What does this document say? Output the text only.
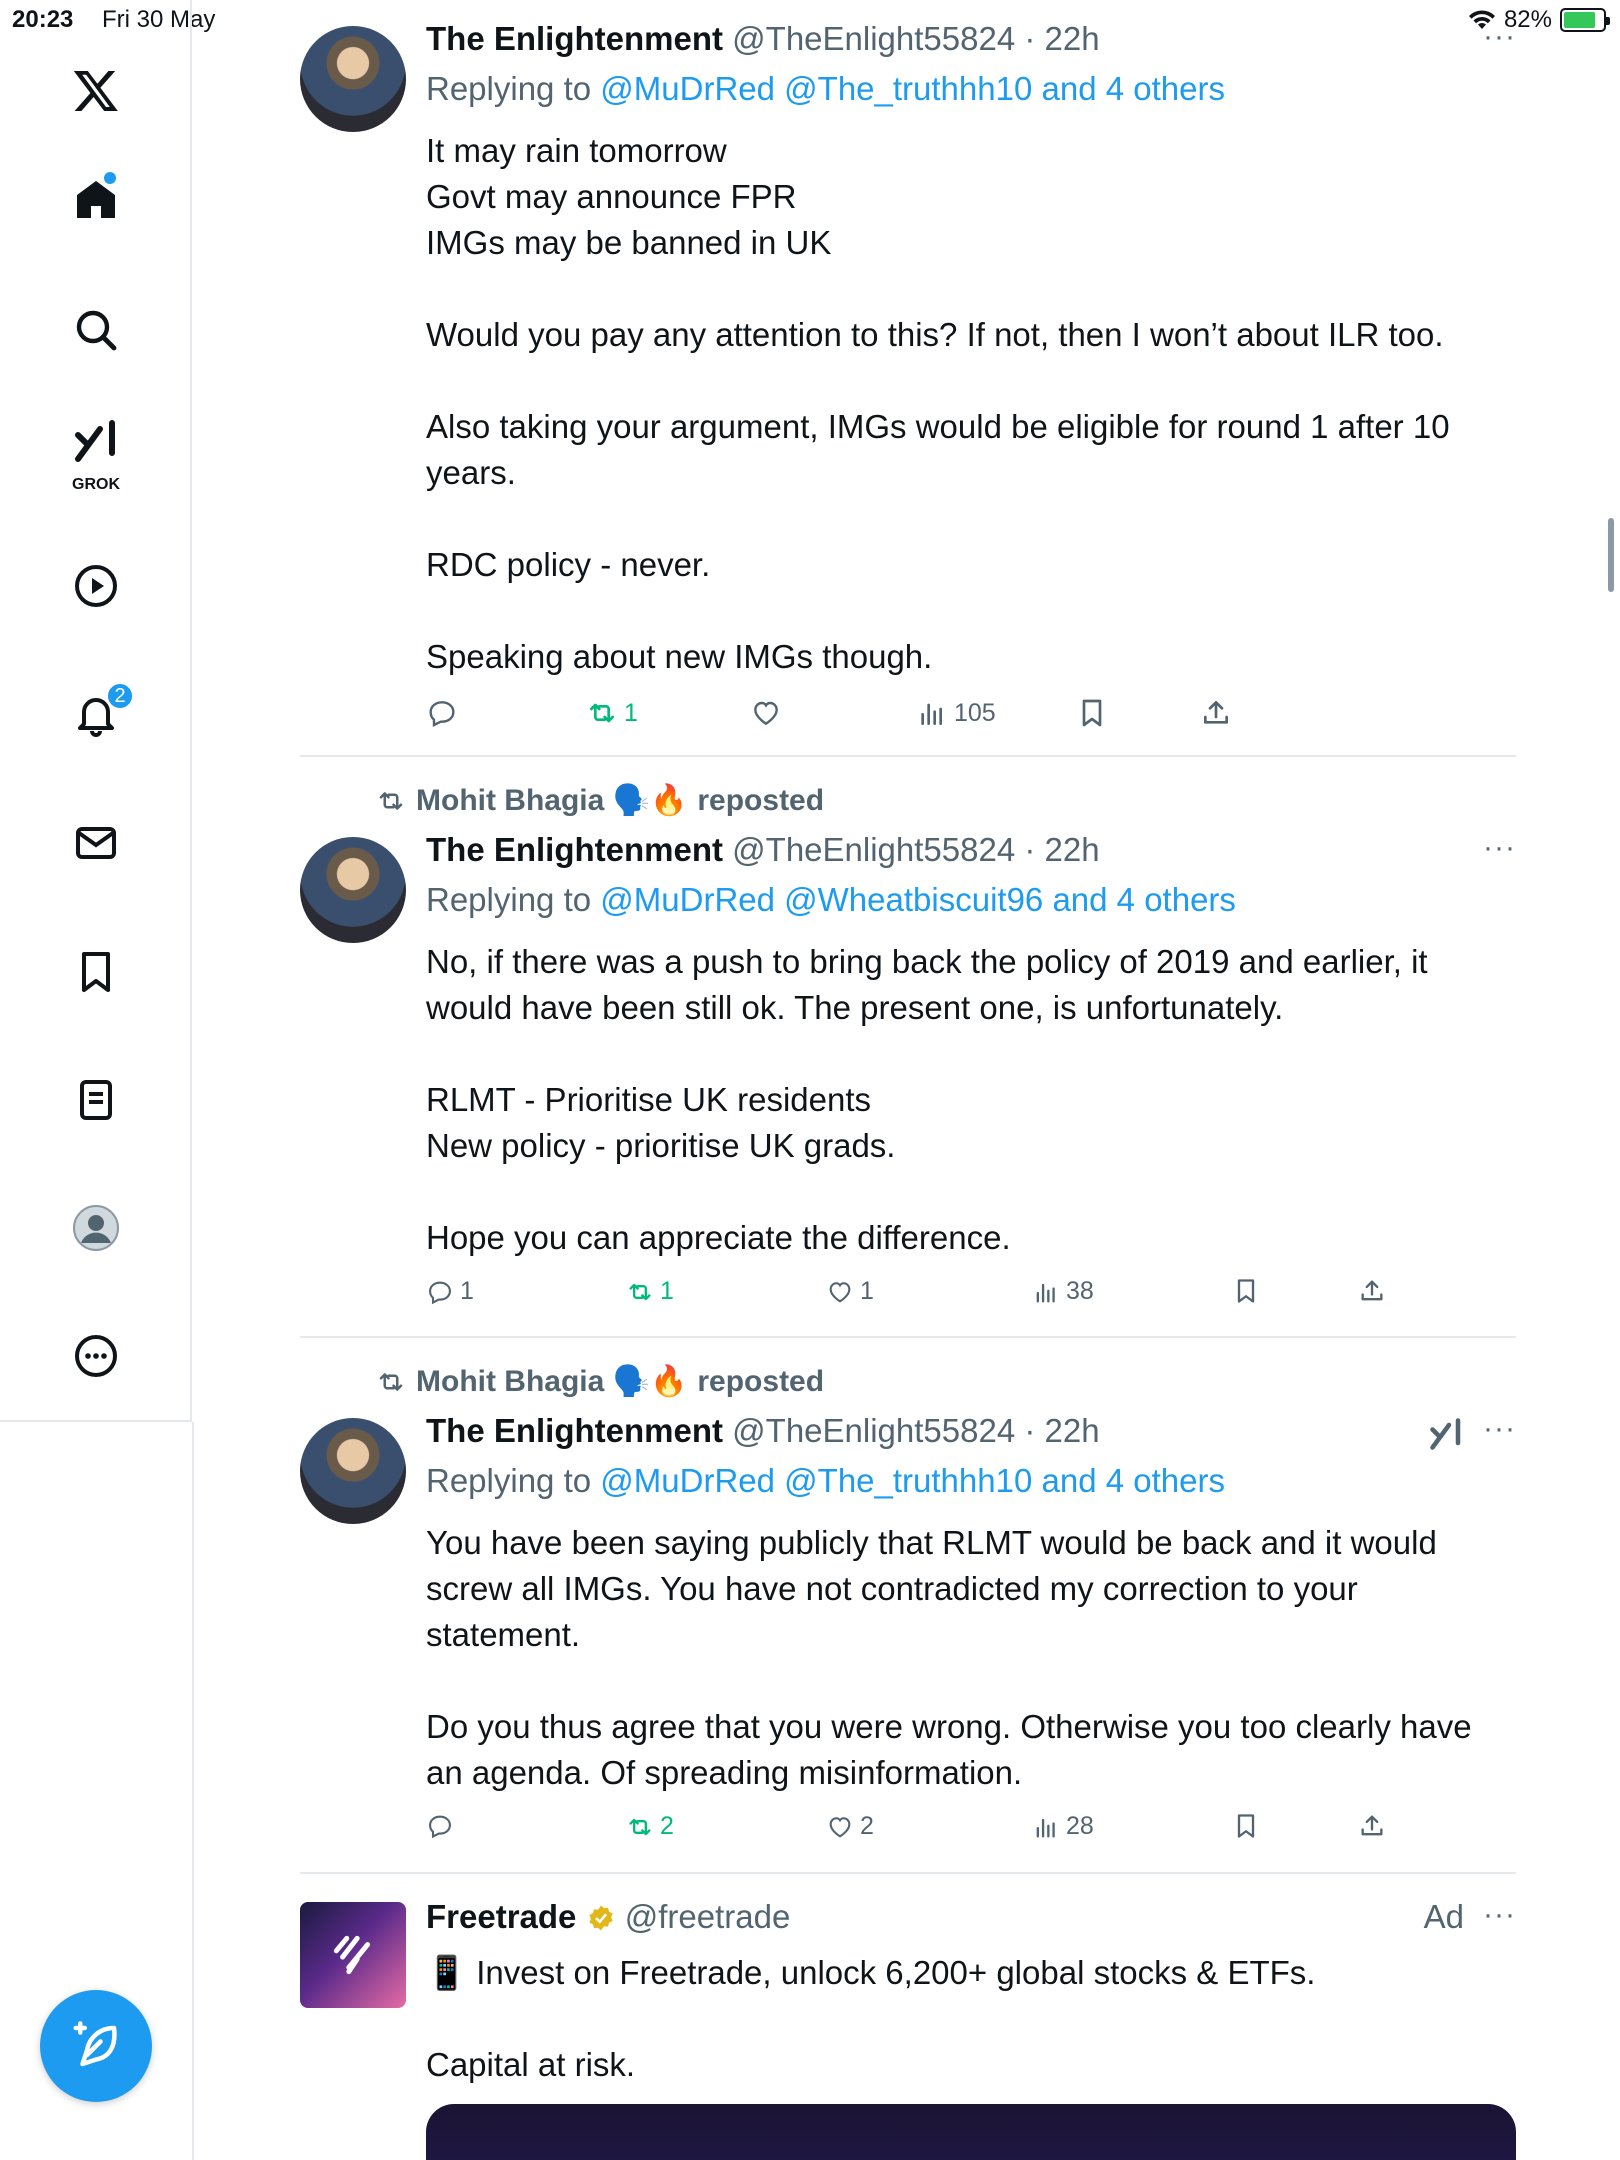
20:23 Fri 30 May	82%
GROK
2
The Enlightenment @TheEnlight55824 · 22h	···
Replying to @MuDrRed @The_truthhh10 and 4 others
It may rain tomorrow
Govt may announce FPR
IMGs may be banned in UK

Would you pay any attention to this? If not, then I won’t about ILR too.

Also taking your argument, IMGs would be eligible for round 1 after 10 years.

RDC policy - never.

Speaking about new IMGs though.
1	105
Mohit Bhagia 🗣️🔥 reposted
The Enlightenment @TheEnlight55824 · 22h	···
Replying to @MuDrRed @Wheatbiscuit96 and 4 others
No, if there was a push to bring back the policy of 2019 and earlier, it would have been still ok. The present one, is unfortunately.

RLMT - Prioritise UK residents
New policy - prioritise UK grads.

Hope you can appreciate the difference.
1	1	1	38
Mohit Bhagia 🗣️🔥 reposted
The Enlightenment @TheEnlight55824 · 22h	···
Replying to @MuDrRed @The_truthhh10 and 4 others
You have been saying publicly that RLMT would be back and it would screw all IMGs. You have not contradicted my correction to your statement.

Do you thus agree that you were wrong. Otherwise you too clearly have an agenda. Of spreading misinformation.
2	2	28
Freetrade @freetrade	Ad ···
📱 Invest on Freetrade, unlock 6,200+ global stocks & ETFs.

Capital at risk.
